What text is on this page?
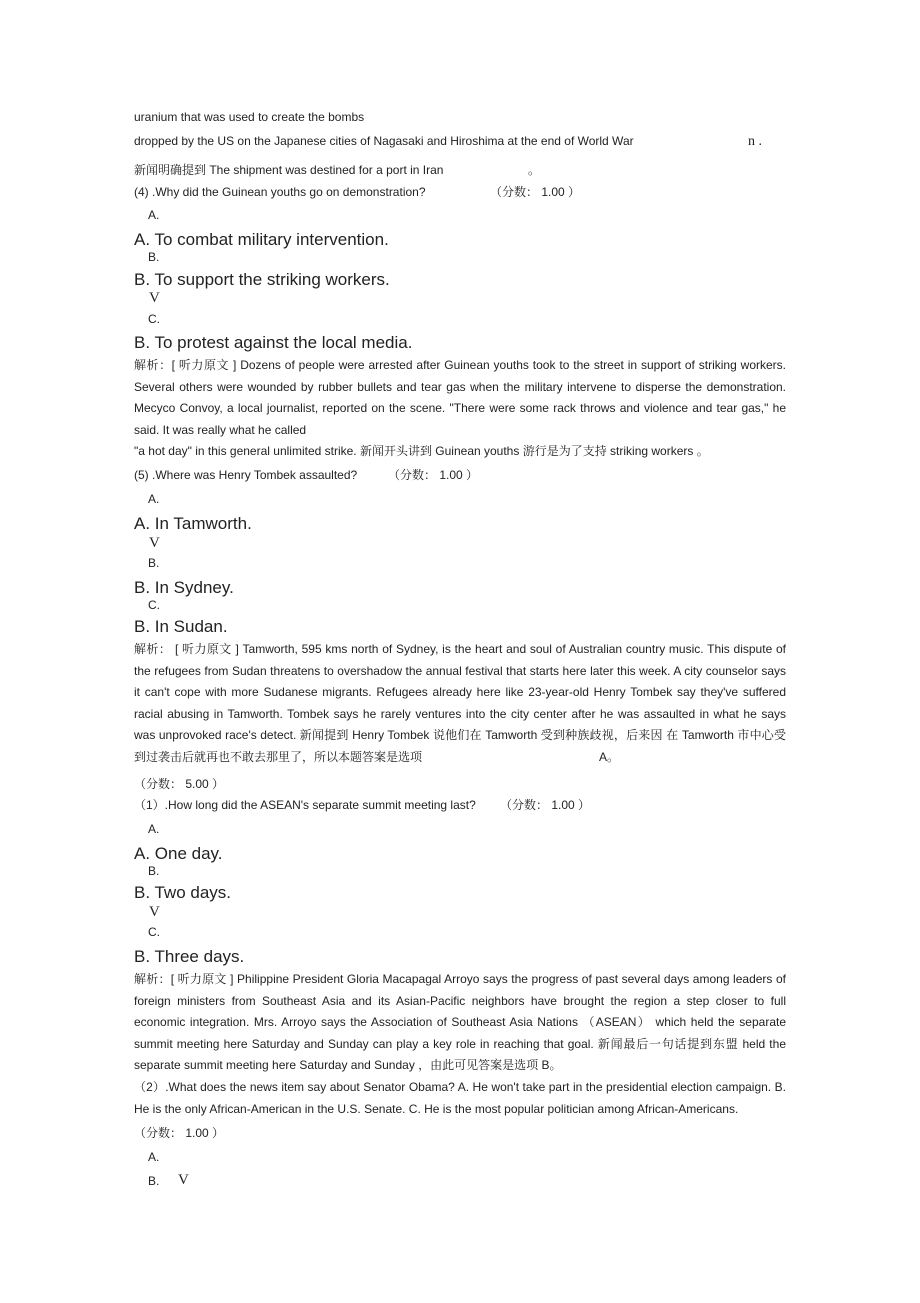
uranium that was used to create the bombs
dropped by the US on the Japanese cities of Nagasaki and Hiroshima at the end of World War	n .
新闻明确提到 The shipment was destined for a port in Iran	。
(4) .Why did the Guinean youths go on demonstration?	（分数： 1.00 ）
A.
A. To combat military intervention.
B.
B. To support the striking workers.
V
C.
B. To protest against the local media.
解析：[ 听力原文 ] Dozens of people were arrested after Guinean youths took to the street in support of striking workers. Several others were wounded by rubber bullets and tear gas when the military intervene to disperse the demonstration. Mecyco Convoy, a local journalist, reported on the scene. "There were some rack throws and violence and tear gas," he said. It was really what he called
"a hot day" in this general unlimited strike. 新闻开头讲到 Guinean youths 游行是为了支持 striking workers 。
(5) .Where was Henry Tombek assaulted?	（分数： 1.00 ）
A.
A. In Tamworth.
V
B.
B. In Sydney.
C.
B. In Sudan.
解析： [ 听力原文 ] Tamworth, 595 kms north of Sydney, is the heart and soul of Australian country music. This dispute of the refugees from Sudan threatens to overshadow the annual festival that starts here later this week. A city counselor says it can't cope with more Sudanese migrants. Refugees already here like 23-year-old Henry Tombek say they've suffered racial abusing in Tamworth. Tombek says he rarely ventures into the city center after he was assaulted in what he says was unprovoked race's detect. 新闻提到 Henry Tombek 说他们在 Tamworth 受到种族歧视，后来因 在 Tamworth 市中心受到过袭击后就再也不敢去那里了，所以本题答案是选项	A。
（分数： 5.00 ）
（1）.How long did the ASEAN's separate summit meeting last? （分数： 1.00 ）
A.
A. One day.
B.
B. Two days.
V
C.
B. Three days.
解析：[ 听力原文 ] Philippine President Gloria Macapagal Arroyo says the progress of past several days among leaders of foreign ministers from Southeast Asia and its Asian-Pacific neighbors have brought the region a step closer to full economic integration. Mrs. Arroyo says the Association of Southeast Asia Nations （ASEAN） which held the separate summit meeting here Saturday and Sunday can play a key role in reaching that goal. 新闻最后一句话提到东盟 held the separate summit meeting here Saturday and Sunday ，由此可见答案是选项 B。
（2）.What does the news item say about Senator Obama? A. He won't take part in the presidential election campaign. B. He is the only African-American in the U.S. Senate. C. He is the most popular politician among African-Americans.
（分数： 1.00 ）
A.
B. V
